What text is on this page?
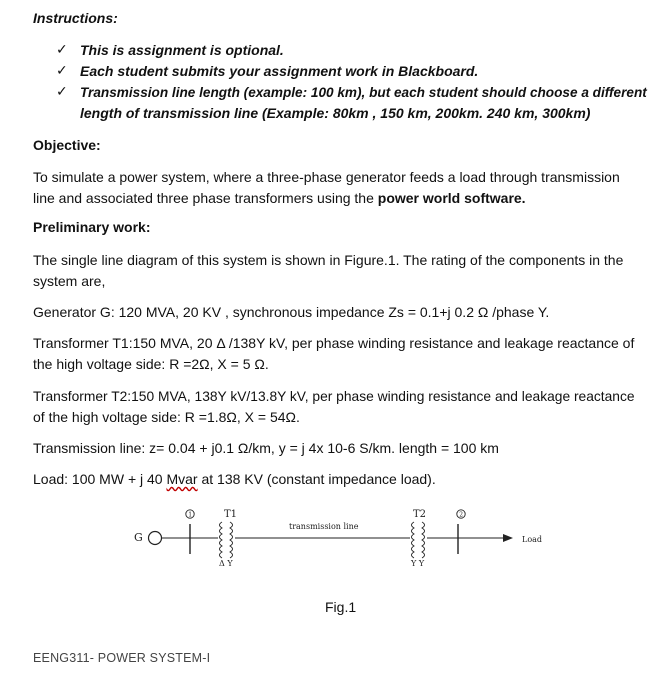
Instructions:
✓ This is assignment is optional.
✓ Each student submits your assignment work in Blackboard.
✓ Transmission line length (example: 100 km), but each student should choose a different
length of transmission line (Example: 80km , 150 km, 200km. 240 km, 300km)
Objective:
To simulate a power system, where a three-phase generator feeds a load through transmission
line and associated three phase transformers using the power world software.
Preliminary work:
The single line diagram of this system is shown in Figure.1. The rating of the components in the
system are,
Generator G: 120 MVA, 20 KV , synchronous impedance Zs = 0.1+j 0.2 Ω /phase Y.
Transformer T1:150 MVA, 20 Δ /138Y kV, per phase winding resistance and leakage reactance of
the high voltage side: R =2Ω, X = 5 Ω.
Transformer T2:150 MVA, 138Y kV/13.8Y kV, per phase winding resistance and leakage reactance
of the high voltage side: R =1.8Ω, X = 54Ω.
Transmission line: z= 0.04 + j0.1 Ω/km, y = j 4x 10-6 S/km. length = 100 km
Load: 100 MW + j 40 Mvar at 138 KV (constant impedance load).
G
1	T1
Δ Y
transmission line
T2
Y Y
2
Load
Fig.1
EENG311- POWER SYSTEM-I
